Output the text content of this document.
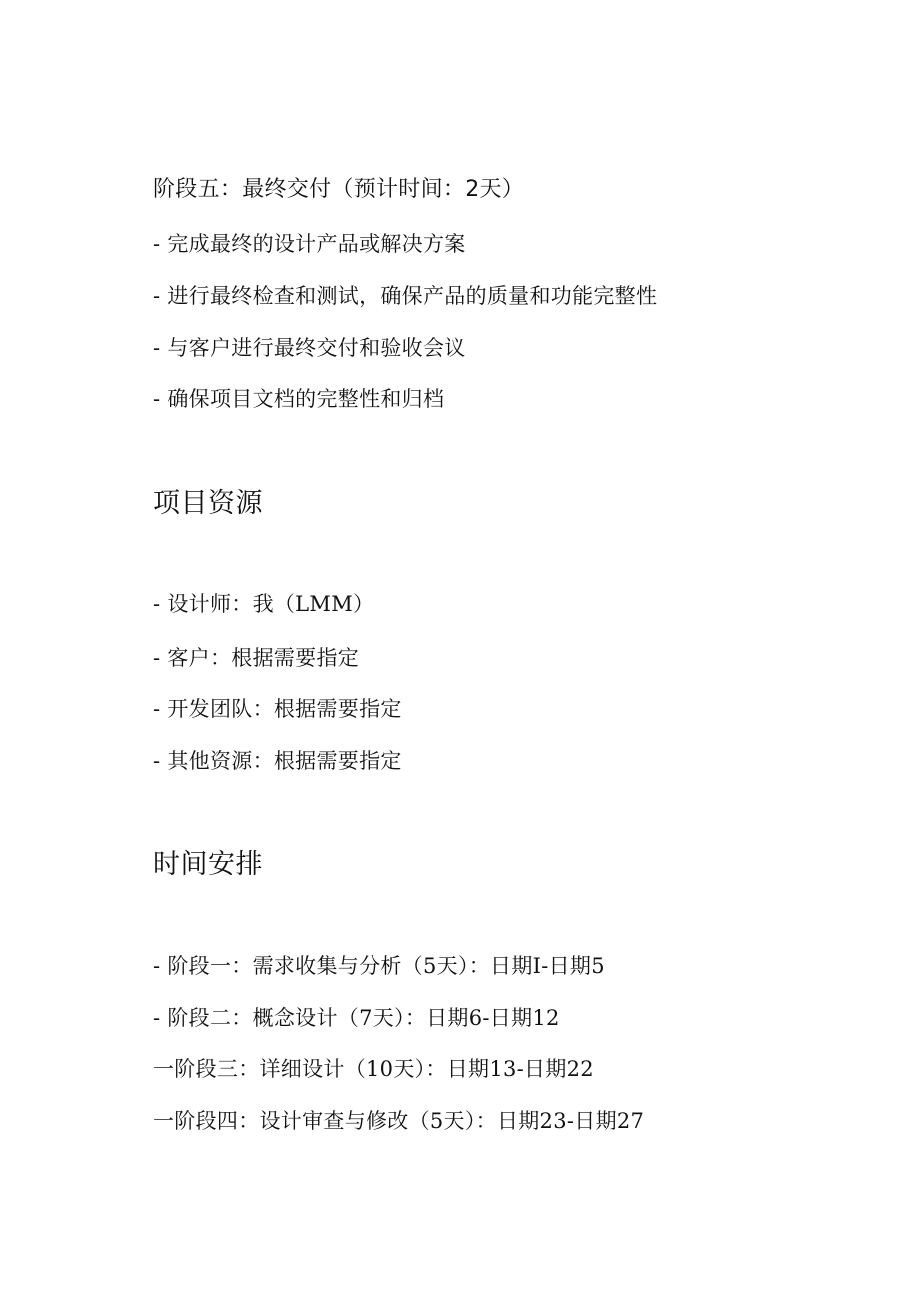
阶段五：最终交付（预计时间：2天）
- 完成最终的设计产品或解决方案
- 进行最终检查和测试，确保产品的质量和功能完整性
- 与客户进行最终交付和验收会议
- 确保项目文档的完整性和归档
项目资源
- 设计师：我（LMM）
- 客户：根据需要指定
- 开发团队：根据需要指定
- 其他资源：根据需要指定
时间安排
- 阶段一：需求收集与分析（5天）：日期I-日期5
- 阶段二：概念设计（7天）：日期6-日期12
一阶段三：详细设计（10天）：日期13-日期22
一阶段四：设计审查与修改（5天）：日期23-日期27
